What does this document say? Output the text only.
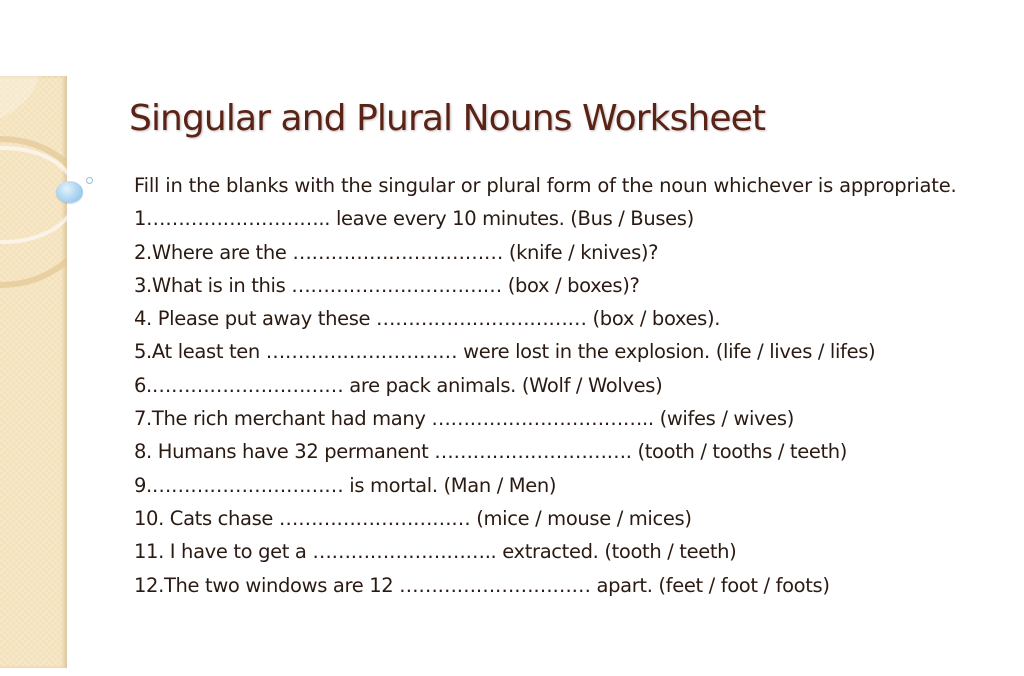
Singular and Plural Nouns Worksheet
Fill in the blanks with the singular or plural form of the noun whichever is appropriate.
1……………………….. leave every 10 minutes. (Bus / Buses)
2.Where are the …………………………… (knife / knives)?
3.What is in this …………………………… (box / boxes)?
4. Please put away these …………………………… (box / boxes).
5.At least ten ………………………… were lost in the explosion. (life / lives / lifes)
6.………………………… are pack animals. (Wolf / Wolves)
7.The rich merchant had many …………………………….. (wifes / wives)
8. Humans have 32 permanent …………………………. (tooth / tooths / teeth)
9.………………………… is mortal. (Man / Men)
10. Cats chase ………………………… (mice / mouse / mices)
11. I have to get a ……………………….. extracted. (tooth / teeth)
12.The two windows are 12 ………………………… apart. (feet / foot / foots)
